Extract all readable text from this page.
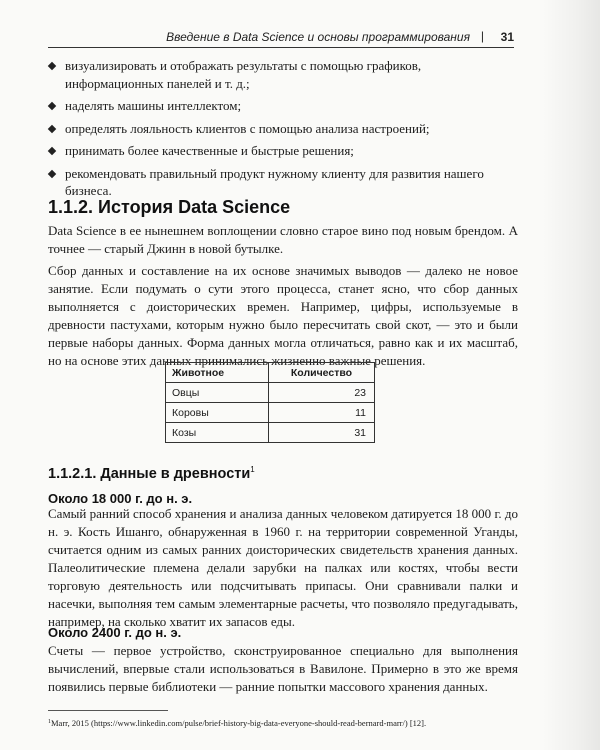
Введение в Data Science и основы программирования | 31
визуализировать и отображать результаты с помощью графиков, информационных панелей и т. д.;
наделять машины интеллектом;
определять лояльность клиентов с помощью анализа настроений;
принимать более качественные и быстрые решения;
рекомендовать правильный продукт нужному клиенту для развития нашего бизнеса.
1.1.2. История Data Science

Data Science в ее нынешнем воплощении словно старое вино под новым брендом. А точнее — старый Джинн в новой бутылке.

Сбор данных и составление на их основе значимых выводов — далеко не новое занятие. Если подумать о сути этого процесса, станет ясно, что сбор данных выполняется с доисторических времен. Например, цифры, используемые в древности пастухами, которым нужно было пересчитать свой скот, — это и были первые наборы данных. Форма данных могла отличаться, равно как и их масштаб, но на основе этих данных принимались жизненно важные решения.

Животное	Количество
Овцы	23
Коровы	11
Козы	31
1.1.2.1. Данные в древности$^1$
Около 18 000 г. до н. э.

Самый ранний способ хранения и анализа данных человеком датируется 18 000 г. до н. э. Кость Ишанго, обнаруженная в 1960 г. на территории современной Уганды, считается одним из самых ранних доисторических свидетельств хранения данных. Палеолитические племена делали зарубки на палках или костях, чтобы вести торговую деятельность или подсчитывать припасы. Они сравнивали палки и насечки, выполняя тем самым элементарные расчеты, что позволяло предугадывать, например, на сколько хватит их запасов еды.

Около 2400 г. до н. э.

Счеты — первое устройство, сконструированное специально для выполнения вычислений, впервые стали использоваться в Вавилоне. Примерно в это же время появились первые библиотеки — ранние попытки массового хранения данных.

$^1$Marr, 2015 (https://www.linkedin.com/pulse/brief-history-big-data-everyone-should-read-bernard-marr/) [12].
